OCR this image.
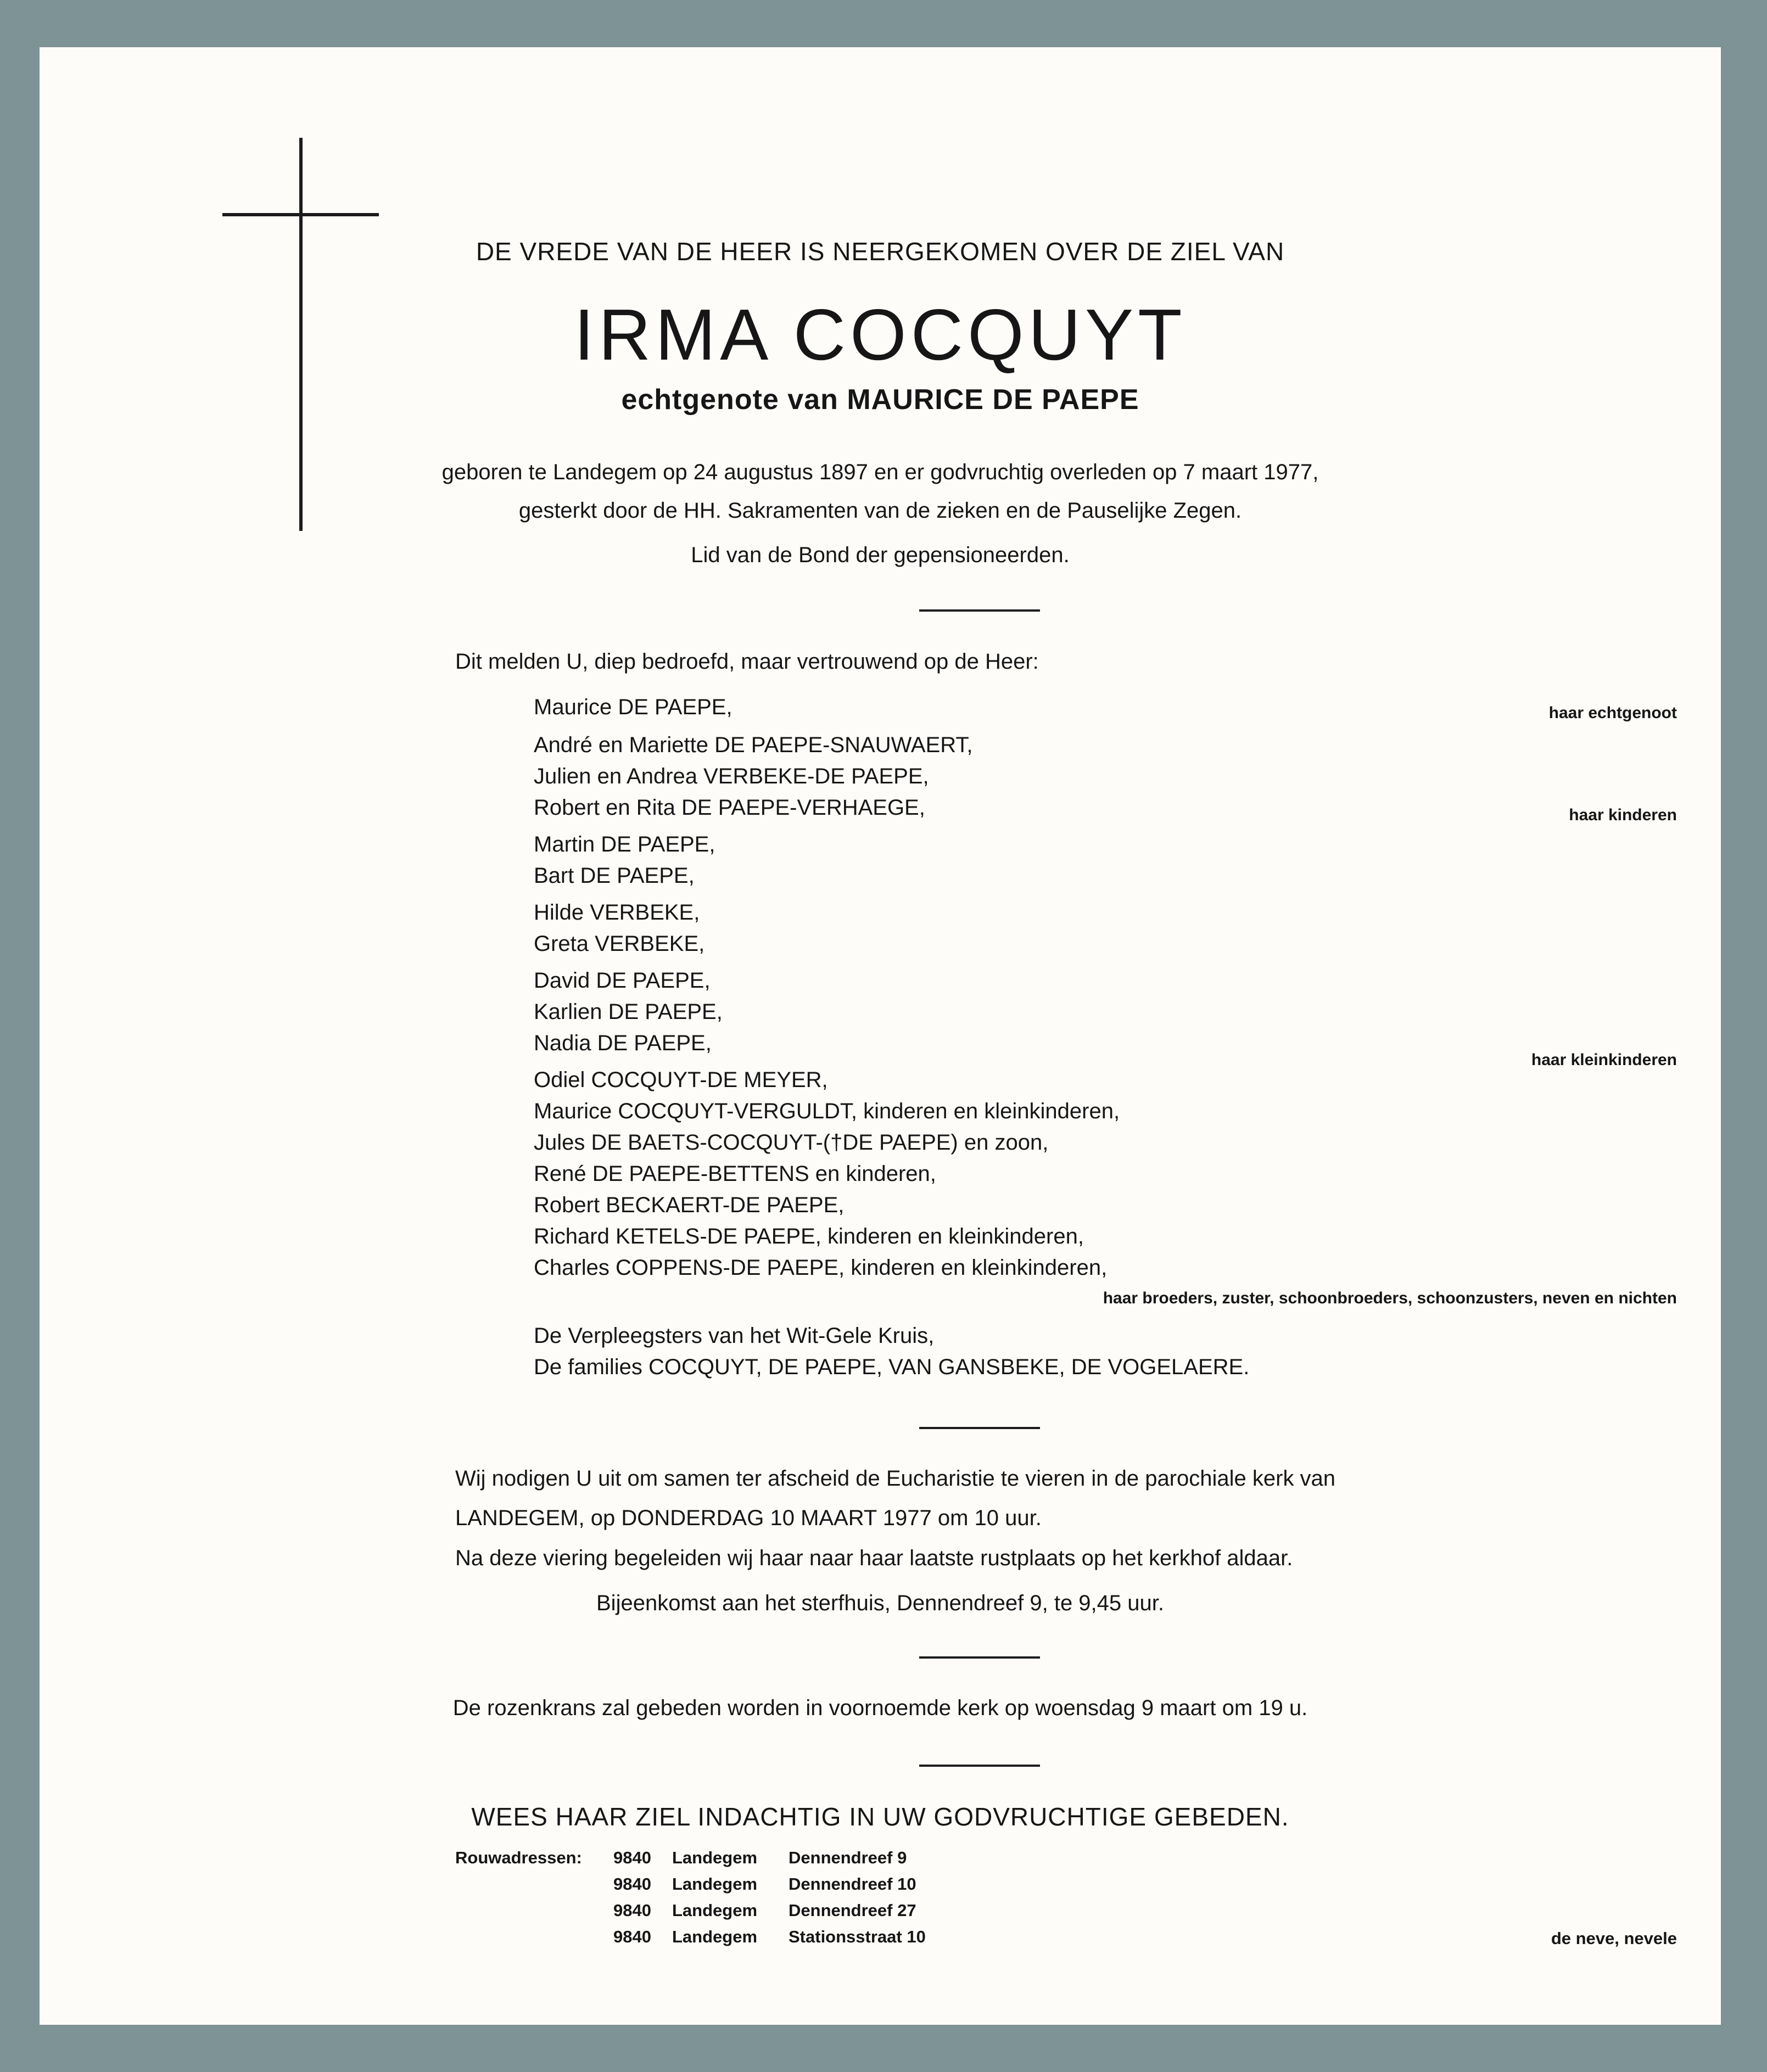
DE VREDE VAN DE HEER IS NEERGEKOMEN OVER DE ZIEL VAN
IRMA COCQUYT
echtgenote van MAURICE DE PAEPE
geboren te Landegem op 24 augustus 1897 en er godvruchtig overleden op 7 maart 1977,
gesterkt door de HH. Sakramenten van de zieken en de Pauselijke Zegen.
Lid van de Bond der gepensioneerden.
Dit melden U, diep bedroefd, maar vertrouwend op de Heer:
Maurice DE PAEPE,
André en Mariette DE PAEPE-SNAUWAERT,
Julien en Andrea VERBEKE-DE PAEPE,
Robert en Rita DE PAEPE-VERHAEGE,
Martin DE PAEPE,
Bart DE PAEPE,
Hilde VERBEKE,
Greta VERBEKE,
David DE PAEPE,
Karlien DE PAEPE,
Nadia DE PAEPE,
Odiel COCQUYT-DE MEYER,
Maurice COCQUYT-VERGULDT, kinderen en kleinkinderen,
Jules DE BAETS-COCQUYT-(†DE PAEPE) en zoon,
René DE PAEPE-BETTENS en kinderen,
Robert BECKAERT-DE PAEPE,
Richard KETELS-DE PAEPE, kinderen en kleinkinderen,
Charles COPPENS-DE PAEPE, kinderen en kleinkinderen,
De Verpleegsters van het Wit-Gele Kruis,
De families COCQUYT, DE PAEPE, VAN GANSBEKE, DE VOGELAERE.
haar echtgenoot
haar kinderen
haar kleinkinderen
haar broeders, zuster, schoonbroeders, schoonzusters, neven en nichten
Wij nodigen U uit om samen ter afscheid de Eucharistie te vieren in de parochiale kerk van
LANDEGEM, op DONDERDAG 10 MAART 1977 om 10 uur.
Na deze viering begeleiden wij haar naar haar laatste rustplaats op het kerkhof aldaar.
Bijeenkomst aan het sterfhuis, Dennendreef 9, te 9,45 uur.
De rozenkrans zal gebeden worden in voornoemde kerk op woensdag 9 maart om 19 u.
WEES HAAR ZIEL INDACHTIG IN UW GODVRUCHTIGE GEBEDEN.
Rouwadressen: 9840 Landegem Dennendreef 9
9840 Landegem Dennendreef 10
9840 Landegem Dennendreef 27
9840 Landegem Stationsstraat 10	de neve, nevele
